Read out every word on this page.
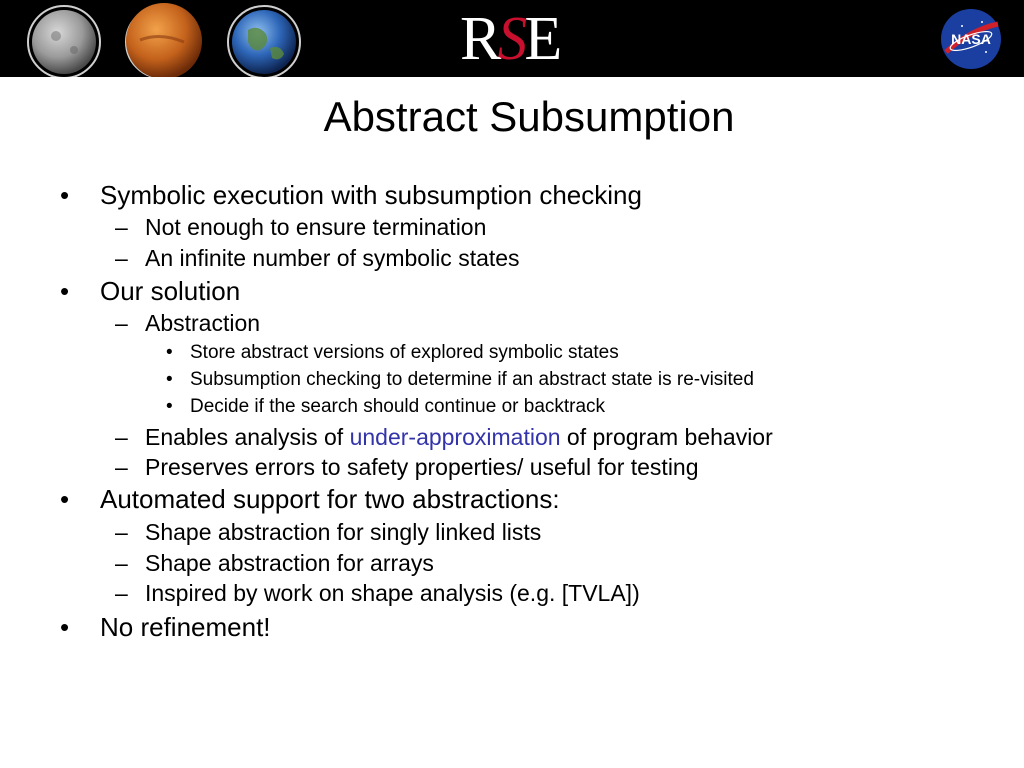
RSE	NASA
Abstract Subsumption
• Symbolic execution with subsumption checking
– Not enough to ensure termination
– An infinite number of symbolic states
• Our solution
– Abstraction
• Store abstract versions of explored symbolic states
• Subsumption checking to determine if an abstract state is re-visited
• Decide if the search should continue or backtrack
– Enables analysis of under-approximation of program behavior
– Preserves errors to safety properties/ useful for testing
• Automated support for two abstractions:
– Shape abstraction for singly linked lists
– Shape abstraction for arrays
– Inspired by work on shape analysis (e.g. [TVLA])
• No refinement!
